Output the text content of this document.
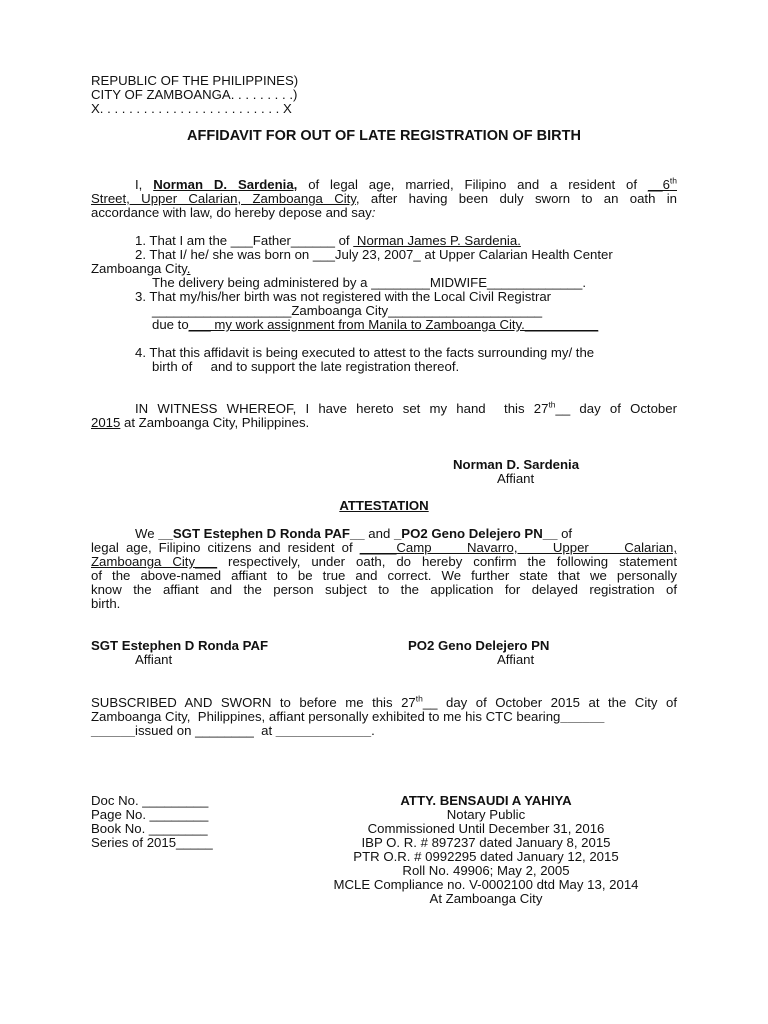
REPUBLIC OF THE PHILIPPINES)
CITY OF ZAMBOANGA. . . . . . . . .)
X. . . . . . . . . . . . . . . . . . . . . . . . . X
AFFIDAVIT FOR OUT OF LATE REGISTRATION OF BIRTH
I, Norman D. Sardenia, of legal age, married, Filipino and a resident of __6th
Street, Upper Calarian, Zamboanga City, after having been duly sworn to an oath in
accordance with law, do hereby depose and say:
1. That I am the ___Father______ of  Norman James P. Sardenia.
2. That I/ he/ she was born on ___July 23, 2007_ at Upper Calarian Health Center
Zamboanga City.
The delivery being administered by a ________MIDWIFE_____________.
3. That my/his/her birth was not registered with the Local Civil Registrar
___________________Zamboanga City_____________________
due to___ my work assignment from Manila to Zamboanga City.__________
4. That this affidavit is being executed to attest to the facts surrounding my/ the
birth of     and to support the late registration thereof.
IN WITNESS WHEREOF, I have hereto set my hand  this 27th__ day of October
2015 at Zamboanga City, Philippines.
Norman D. Sardenia
Affiant
ATTESTATION
We __SGT Estephen D Ronda PAF__ and _PO2 Geno Delejero PN__ of
legal age, Filipino citizens and resident of _____Camp     Navarro,     Upper     Calarian,
Zamboanga City___ respectively, under oath, do hereby confirm the following statement
of the above-named affiant to be true and correct. We further state that we personally
know the affiant and the person subject to the application for delayed registration of
birth.
SGT Estephen D Ronda PAF
Affiant
PO2 Geno Delejero PN
Affiant
SUBSCRIBED AND SWORN to before me this 27th__ day of October 2015 at the City of
Zamboanga City,  Philippines, affiant personally exhibited to me his CTC bearing______
______issued on ________  at _____________.
Doc No. _________
Page No. ________
Book No. ________
Series of 2015_____
ATTY. BENSAUDI A YAHIYA
Notary Public
Commissioned Until December 31, 2016
IBP O. R. # 897237 dated January 8, 2015
PTR O.R. # 0992295 dated January 12, 2015
Roll No. 49906; May 2, 2005
MCLE Compliance no. V-0002100 dtd May 13, 2014
At Zamboanga City
